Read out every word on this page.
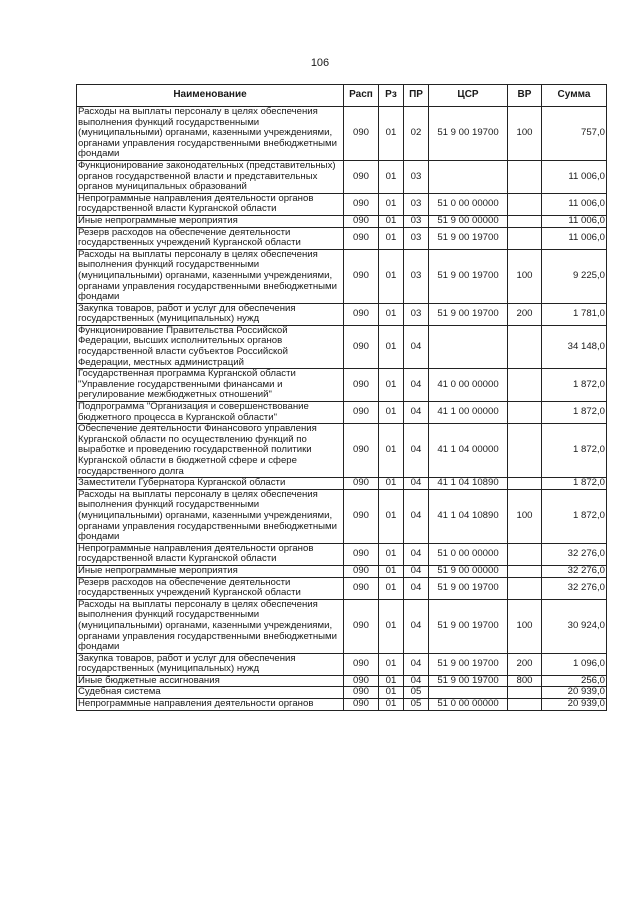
106
Наименование	Расп	Рз	ПР	ЦСР	ВР	Сумма
Расходы на выплаты персоналу в целях обеспечения выполнения функций государственными (муниципальными) органами, казенными учреждениями, органами управления государственными внебюджетными фондами	090	01	02	51 9 00 19700	100	757,0
Функционирование законодательных (представительных) органов государственной власти и представительных органов муниципальных образований	090	01	03			11 006,0
Непрограммные направления деятельности органов государственной власти Курганской области	090	01	03	51 0 00 00000		11 006,0
Иные непрограммные мероприятия	090	01	03	51 9 00 00000		11 006,0
Резерв расходов на обеспечение деятельности государственных учреждений Курганской области	090	01	03	51 9 00 19700		11 006,0
Расходы на выплаты персоналу в целях обеспечения выполнения функций государственными (муниципальными) органами, казенными учреждениями, органами управления государственными внебюджетными фондами	090	01	03	51 9 00 19700	100	9 225,0
Закупка товаров, работ и услуг для обеспечения государственных (муниципальных) нужд	090	01	03	51 9 00 19700	200	1 781,0
Функционирование Правительства Российской Федерации, высших исполнительных органов государственной власти субъектов Российской Федерации, местных администраций	090	01	04			34 148,0
Государственная программа Курганской области "Управление государственными финансами и регулирование межбюджетных отношений"	090	01	04	41 0 00 00000		1 872,0
Подпрограмма "Организация и совершенствование бюджетного процесса в Курганской области"	090	01	04	41 1 00 00000		1 872,0
Обеспечение деятельности Финансового управления Курганской области по осуществлению функций по выработке и проведению государственной политики Курганской области в бюджетной сфере и сфере государственного долга	090	01	04	41 1 04 00000		1 872,0
Заместители Губернатора Курганской области	090	01	04	41 1 04 10890		1 872,0
Расходы на выплаты персоналу в целях обеспечения выполнения функций государственными (муниципальными) органами, казенными учреждениями, органами управления государственными внебюджетными фондами	090	01	04	41 1 04 10890	100	1 872,0
Непрограммные направления деятельности органов государственной власти Курганской области	090	01	04	51 0 00 00000		32 276,0
Иные непрограммные мероприятия	090	01	04	51 9 00 00000		32 276,0
Резерв расходов на обеспечение деятельности государственных учреждений Курганской области	090	01	04	51 9 00 19700		32 276,0
Расходы на выплаты персоналу в целях обеспечения выполнения функций государственными (муниципальными) органами, казенными учреждениями, органами управления государственными внебюджетными фондами	090	01	04	51 9 00 19700	100	30 924,0
Закупка товаров, работ и услуг для обеспечения государственных (муниципальных) нужд	090	01	04	51 9 00 19700	200	1 096,0
Иные бюджетные ассигнования	090	01	04	51 9 00 19700	800	256,0
Судебная система	090	01	05			20 939,0
Непрограммные направления деятельности органов	090	01	05	51 0 00 00000		20 939,0
